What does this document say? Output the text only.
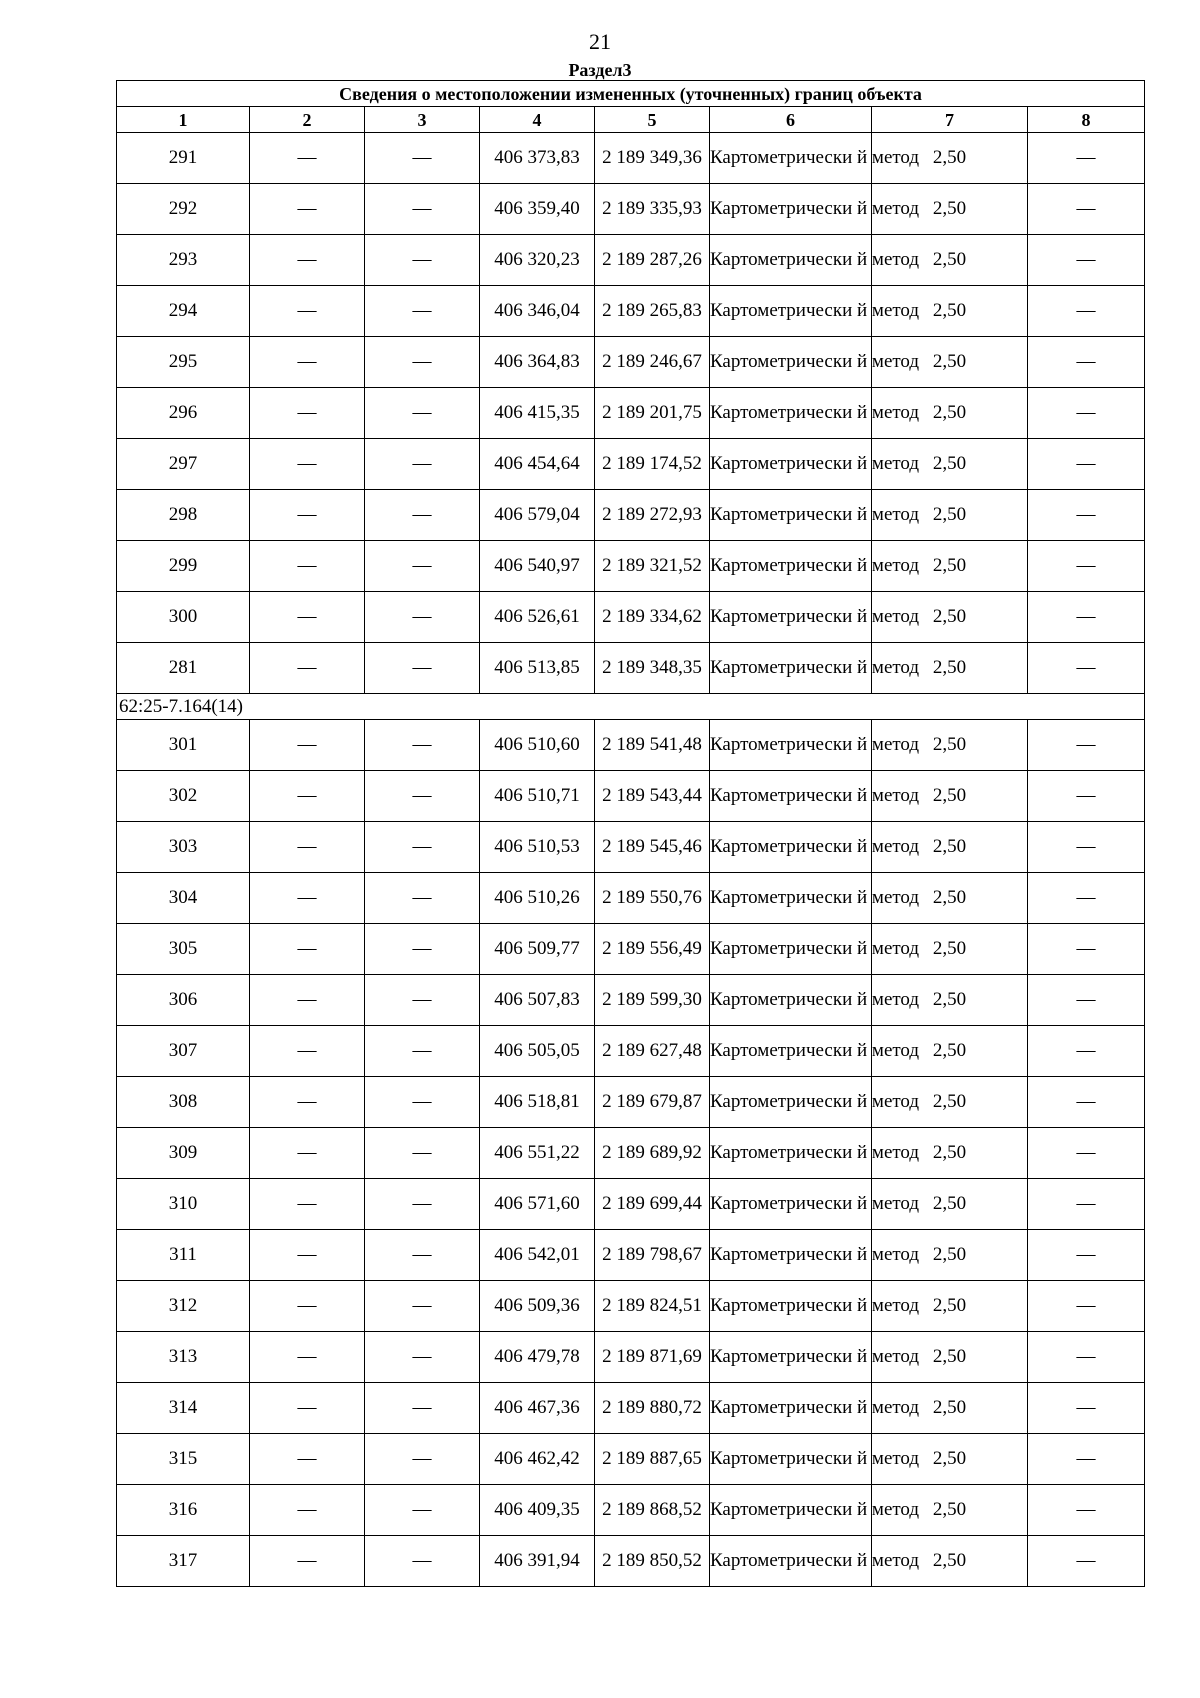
21
Раздел3
Сведения о местоположении измененных (уточненных) границ объекта							
1	2	3	4	5	6	7	8
291	—	—	406 373,83	2 189 349,36	Картометрически й метод	2,50	—
292	—	—	406 359,40	2 189 335,93	Картометрически й метод	2,50	—
293	—	—	406 320,23	2 189 287,26	Картометрически й метод	2,50	—
294	—	—	406 346,04	2 189 265,83	Картометрически й метод	2,50	—
295	—	—	406 364,83	2 189 246,67	Картометрически й метод	2,50	—
296	—	—	406 415,35	2 189 201,75	Картометрически й метод	2,50	—
297	—	—	406 454,64	2 189 174,52	Картометрически й метод	2,50	—
298	—	—	406 579,04	2 189 272,93	Картометрически й метод	2,50	—
299	—	—	406 540,97	2 189 321,52	Картометрически й метод	2,50	—
300	—	—	406 526,61	2 189 334,62	Картометрически й метод	2,50	—
281	—	—	406 513,85	2 189 348,35	Картометрически й метод	2,50	—
62:25-7.164(14)							
301	—	—	406 510,60	2 189 541,48	Картометрически й метод	2,50	—
302	—	—	406 510,71	2 189 543,44	Картометрически й метод	2,50	—
303	—	—	406 510,53	2 189 545,46	Картометрически й метод	2,50	—
304	—	—	406 510,26	2 189 550,76	Картометрически й метод	2,50	—
305	—	—	406 509,77	2 189 556,49	Картометрически й метод	2,50	—
306	—	—	406 507,83	2 189 599,30	Картометрически й метод	2,50	—
307	—	—	406 505,05	2 189 627,48	Картометрически й метод	2,50	—
308	—	—	406 518,81	2 189 679,87	Картометрически й метод	2,50	—
309	—	—	406 551,22	2 189 689,92	Картометрически й метод	2,50	—
310	—	—	406 571,60	2 189 699,44	Картометрически й метод	2,50	—
311	—	—	406 542,01	2 189 798,67	Картометрически й метод	2,50	—
312	—	—	406 509,36	2 189 824,51	Картометрически й метод	2,50	—
313	—	—	406 479,78	2 189 871,69	Картометрически й метод	2,50	—
314	—	—	406 467,36	2 189 880,72	Картометрически й метод	2,50	—
315	—	—	406 462,42	2 189 887,65	Картометрически й метод	2,50	—
316	—	—	406 409,35	2 189 868,52	Картометрически й метод	2,50	—
317	—	—	406 391,94	2 189 850,52	Картометрически й метод	2,50	—
